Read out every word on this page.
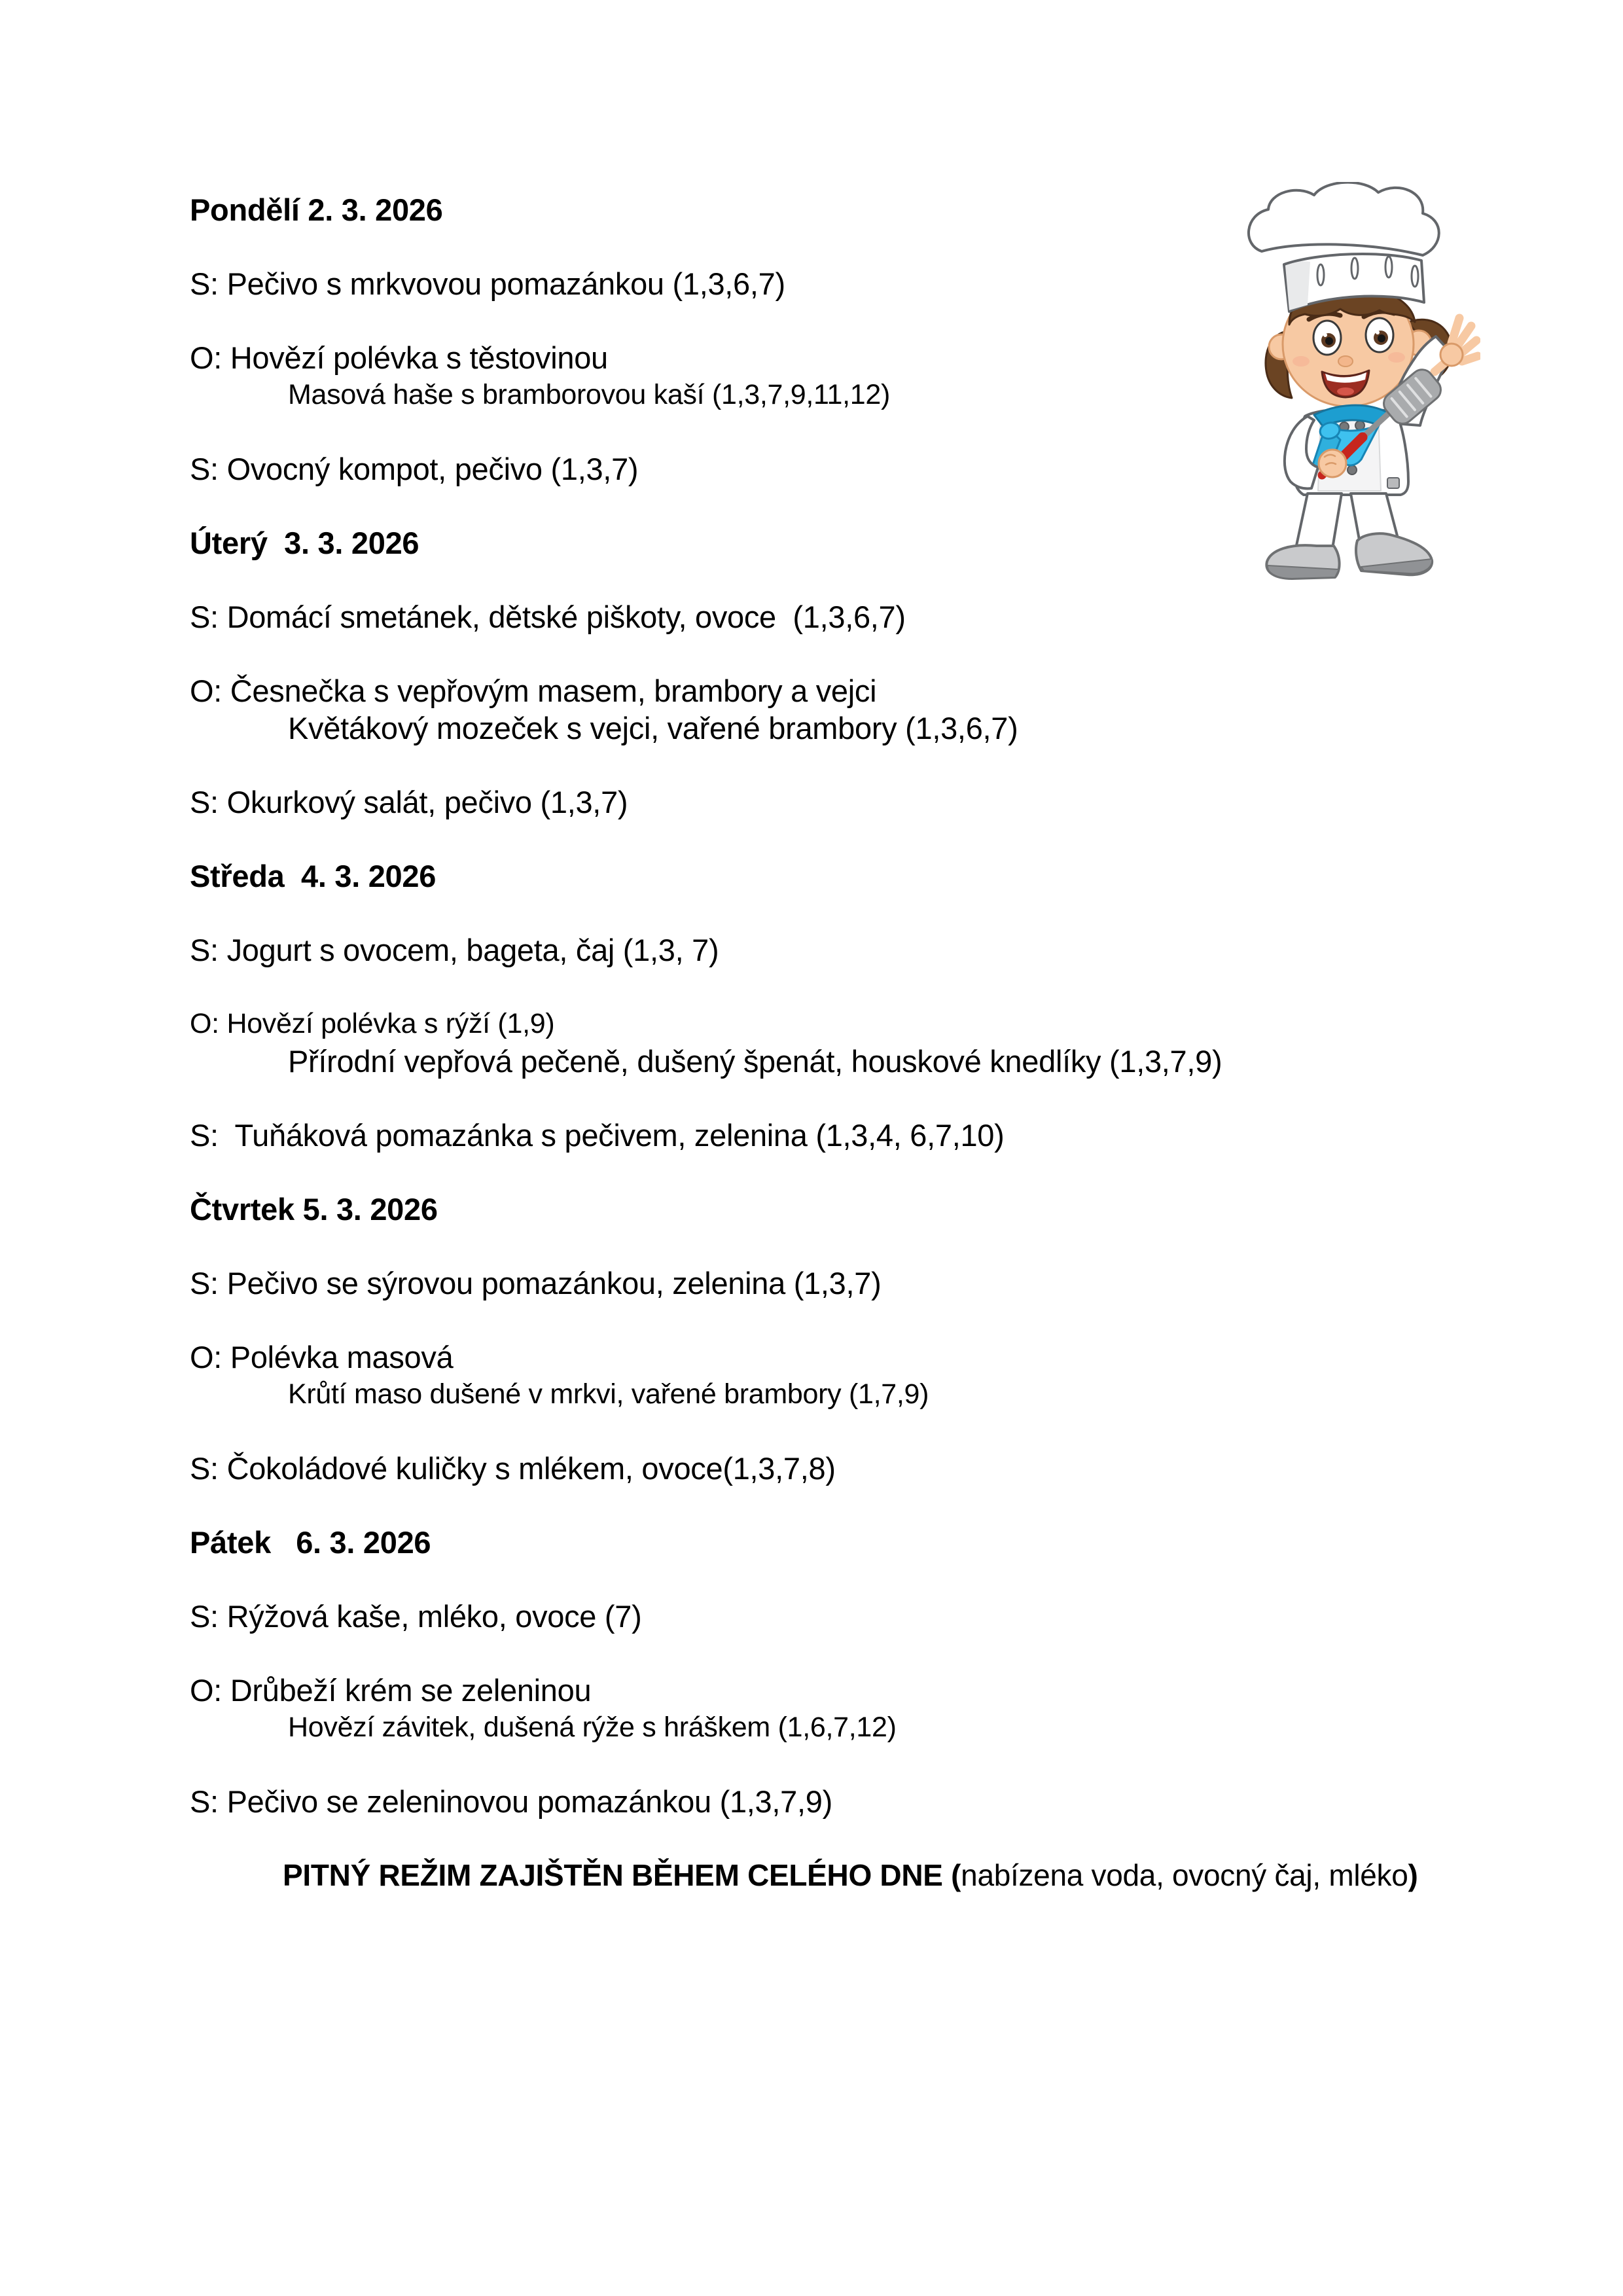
Pondělí 2. 3. 2026

S: Pečivo s mrkvovou pomazánkou (1,3,6,7)

O: Hovězí polévka s těstovinou
Masová haše s bramborovou kaší (1,3,7,9,11,12)

S: Ovocný kompot, pečivo (1,3,7)

Úterý  3. 3. 2026

S: Domácí smetánek, dětské piškoty, ovoce  (1,3,6,7)

O: Česnečka s vepřovým masem, brambory a vejci
Květákový mozeček s vejci, vařené brambory (1,3,6,7)

S: Okurkový salát, pečivo (1,3,7)

Středa  4. 3. 2026

S: Jogurt s ovocem, bageta, čaj (1,3, 7)

O: Hovězí polévka s rýží (1,9)
Přírodní vepřová pečeně, dušený špenát, houskové knedlíky (1,3,7,9)

S:  Tuňáková pomazánka s pečivem, zelenina (1,3,4, 6,7,10)

Čtvrtek 5. 3. 2026

S: Pečivo se sýrovou pomazánkou, zelenina (1,3,7)

O: Polévka masová
Krůtí maso dušené v mrkvi, vařené brambory (1,7,9)

S: Čokoládové kuličky s mlékem, ovoce(1,3,7,8)

Pátek   6. 3. 2026

S: Rýžová kaše, mléko, ovoce (7)

O: Drůbeží krém se zeleninou
Hovězí závitek, dušená rýže s hráškem (1,6,7,12)

S: Pečivo se zeleninovou pomazánkou (1,3,7,9)

PITNÝ REŽIM ZAJIŠTĚN BĚHEM CELÉHO DNE (nabízena voda, ovocný čaj, mléko)
